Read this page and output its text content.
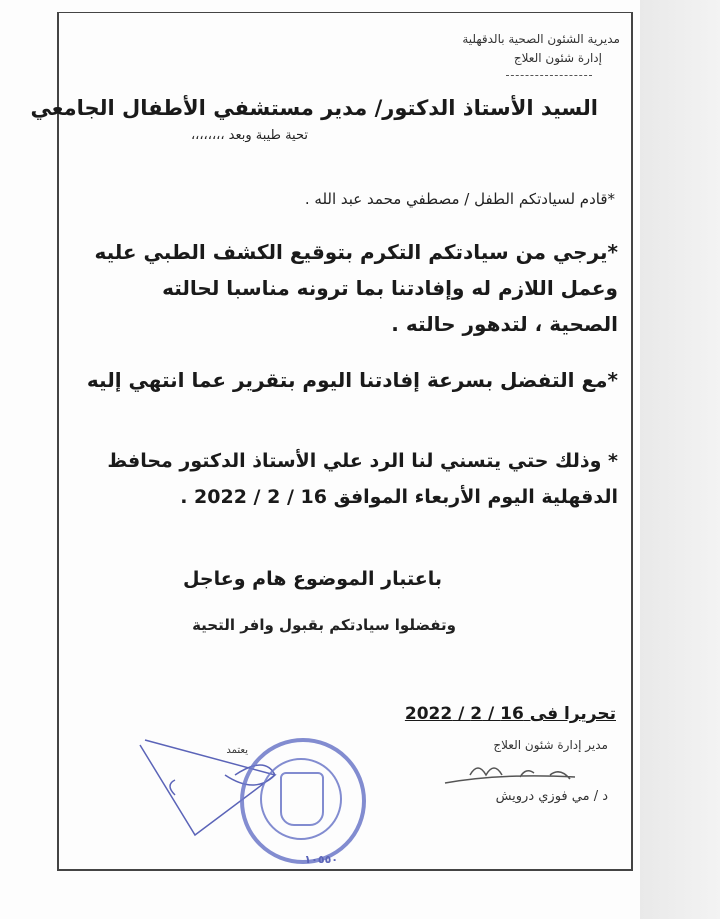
مديرية الشئون الصحية بالدقهلية
إدارة شئون العلاج
السيد الأستاذ الدكتور/ مدير مستشفي الأطفال الجامعي
تحية طيبة وبعد ،،،،،،،،
*قادم لسيادتكم الطفل / مصطفي محمد عبد الله .
*يرجي من سيادتكم التكرم بتوقيع الكشف الطبي عليه
وعمل اللازم له وإفادتنا بما ترونه مناسبا لحالته
الصحية ، لتدهور حالته .
*مع التفضل بسرعة إفادتنا اليوم بتقرير عما انتهي إليه
* وذلك حتي يتسني لنا الرد علي الأستاذ الدكتور محافظ
الدقهلية اليوم الأربعاء الموافق 16 / 2 / 2022 .
باعتبار الموضوع هام وعاجل
وتفضلوا سيادتكم بقبول وافر التحية
تحريرا فى 16 / 2 / 2022
مدير إدارة شئون العلاج
د / مي فوزي درويش
يعتمد
١٠٥٥٠
